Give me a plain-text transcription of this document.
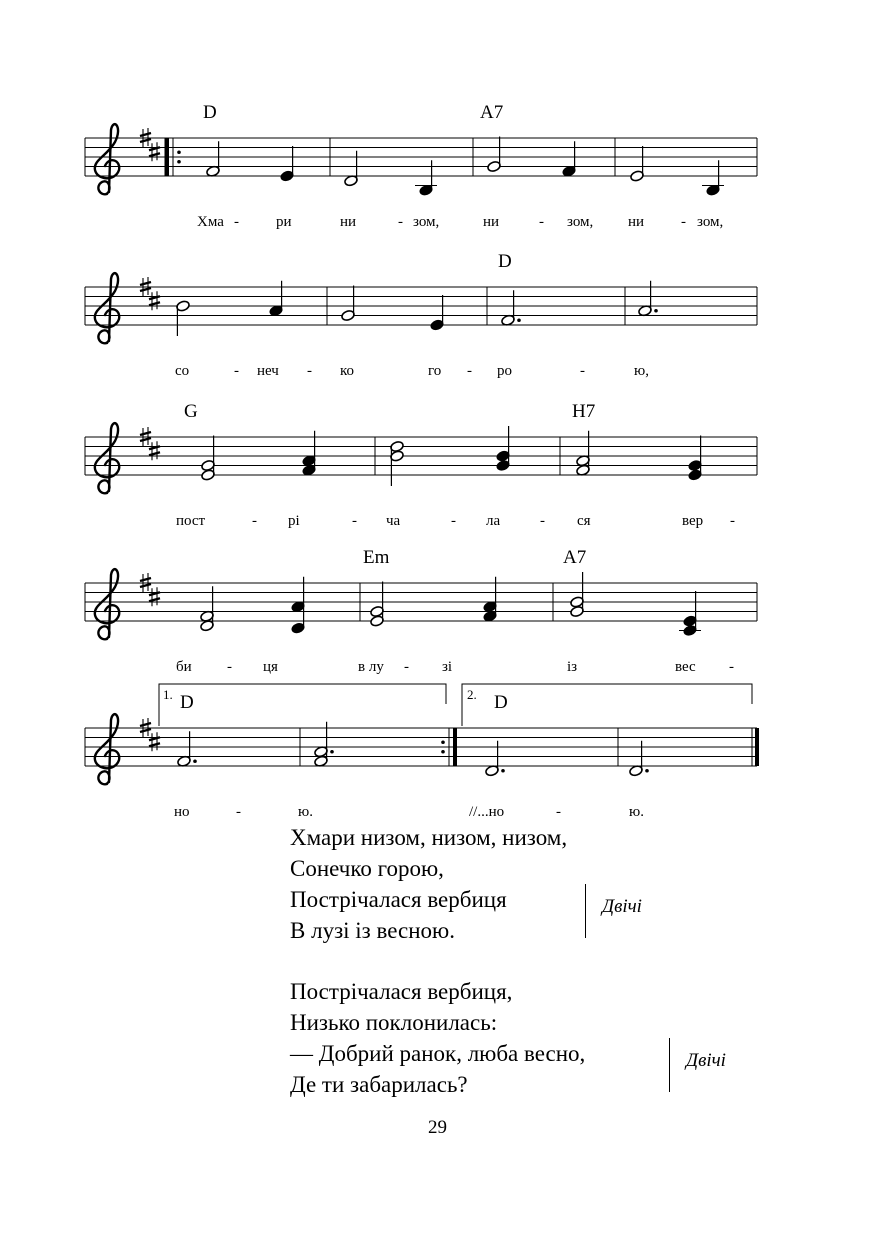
D	A7
Хма - ри	ни	- зом,	ни	- зом, ни - зом,
D
со	- неч - ко	го - ро	-	ю,
G	H7
пост	- рі	- ча	- ла	- ся	вер -
Em	A7
би - ця	в лу - зі	із	вес -
D	D
но	-	ю.	//...но	-	ю.
1.	2.
Хмари низом, низом, низом,
Сонечко горою,
Пострічалася вербиця
В лузі із весною.
Двічі
Пострічалася вербиця,
Низько поклонилась:
— Добрий ранок, люба весно,
Де ти забарилась?
Двічі
29
